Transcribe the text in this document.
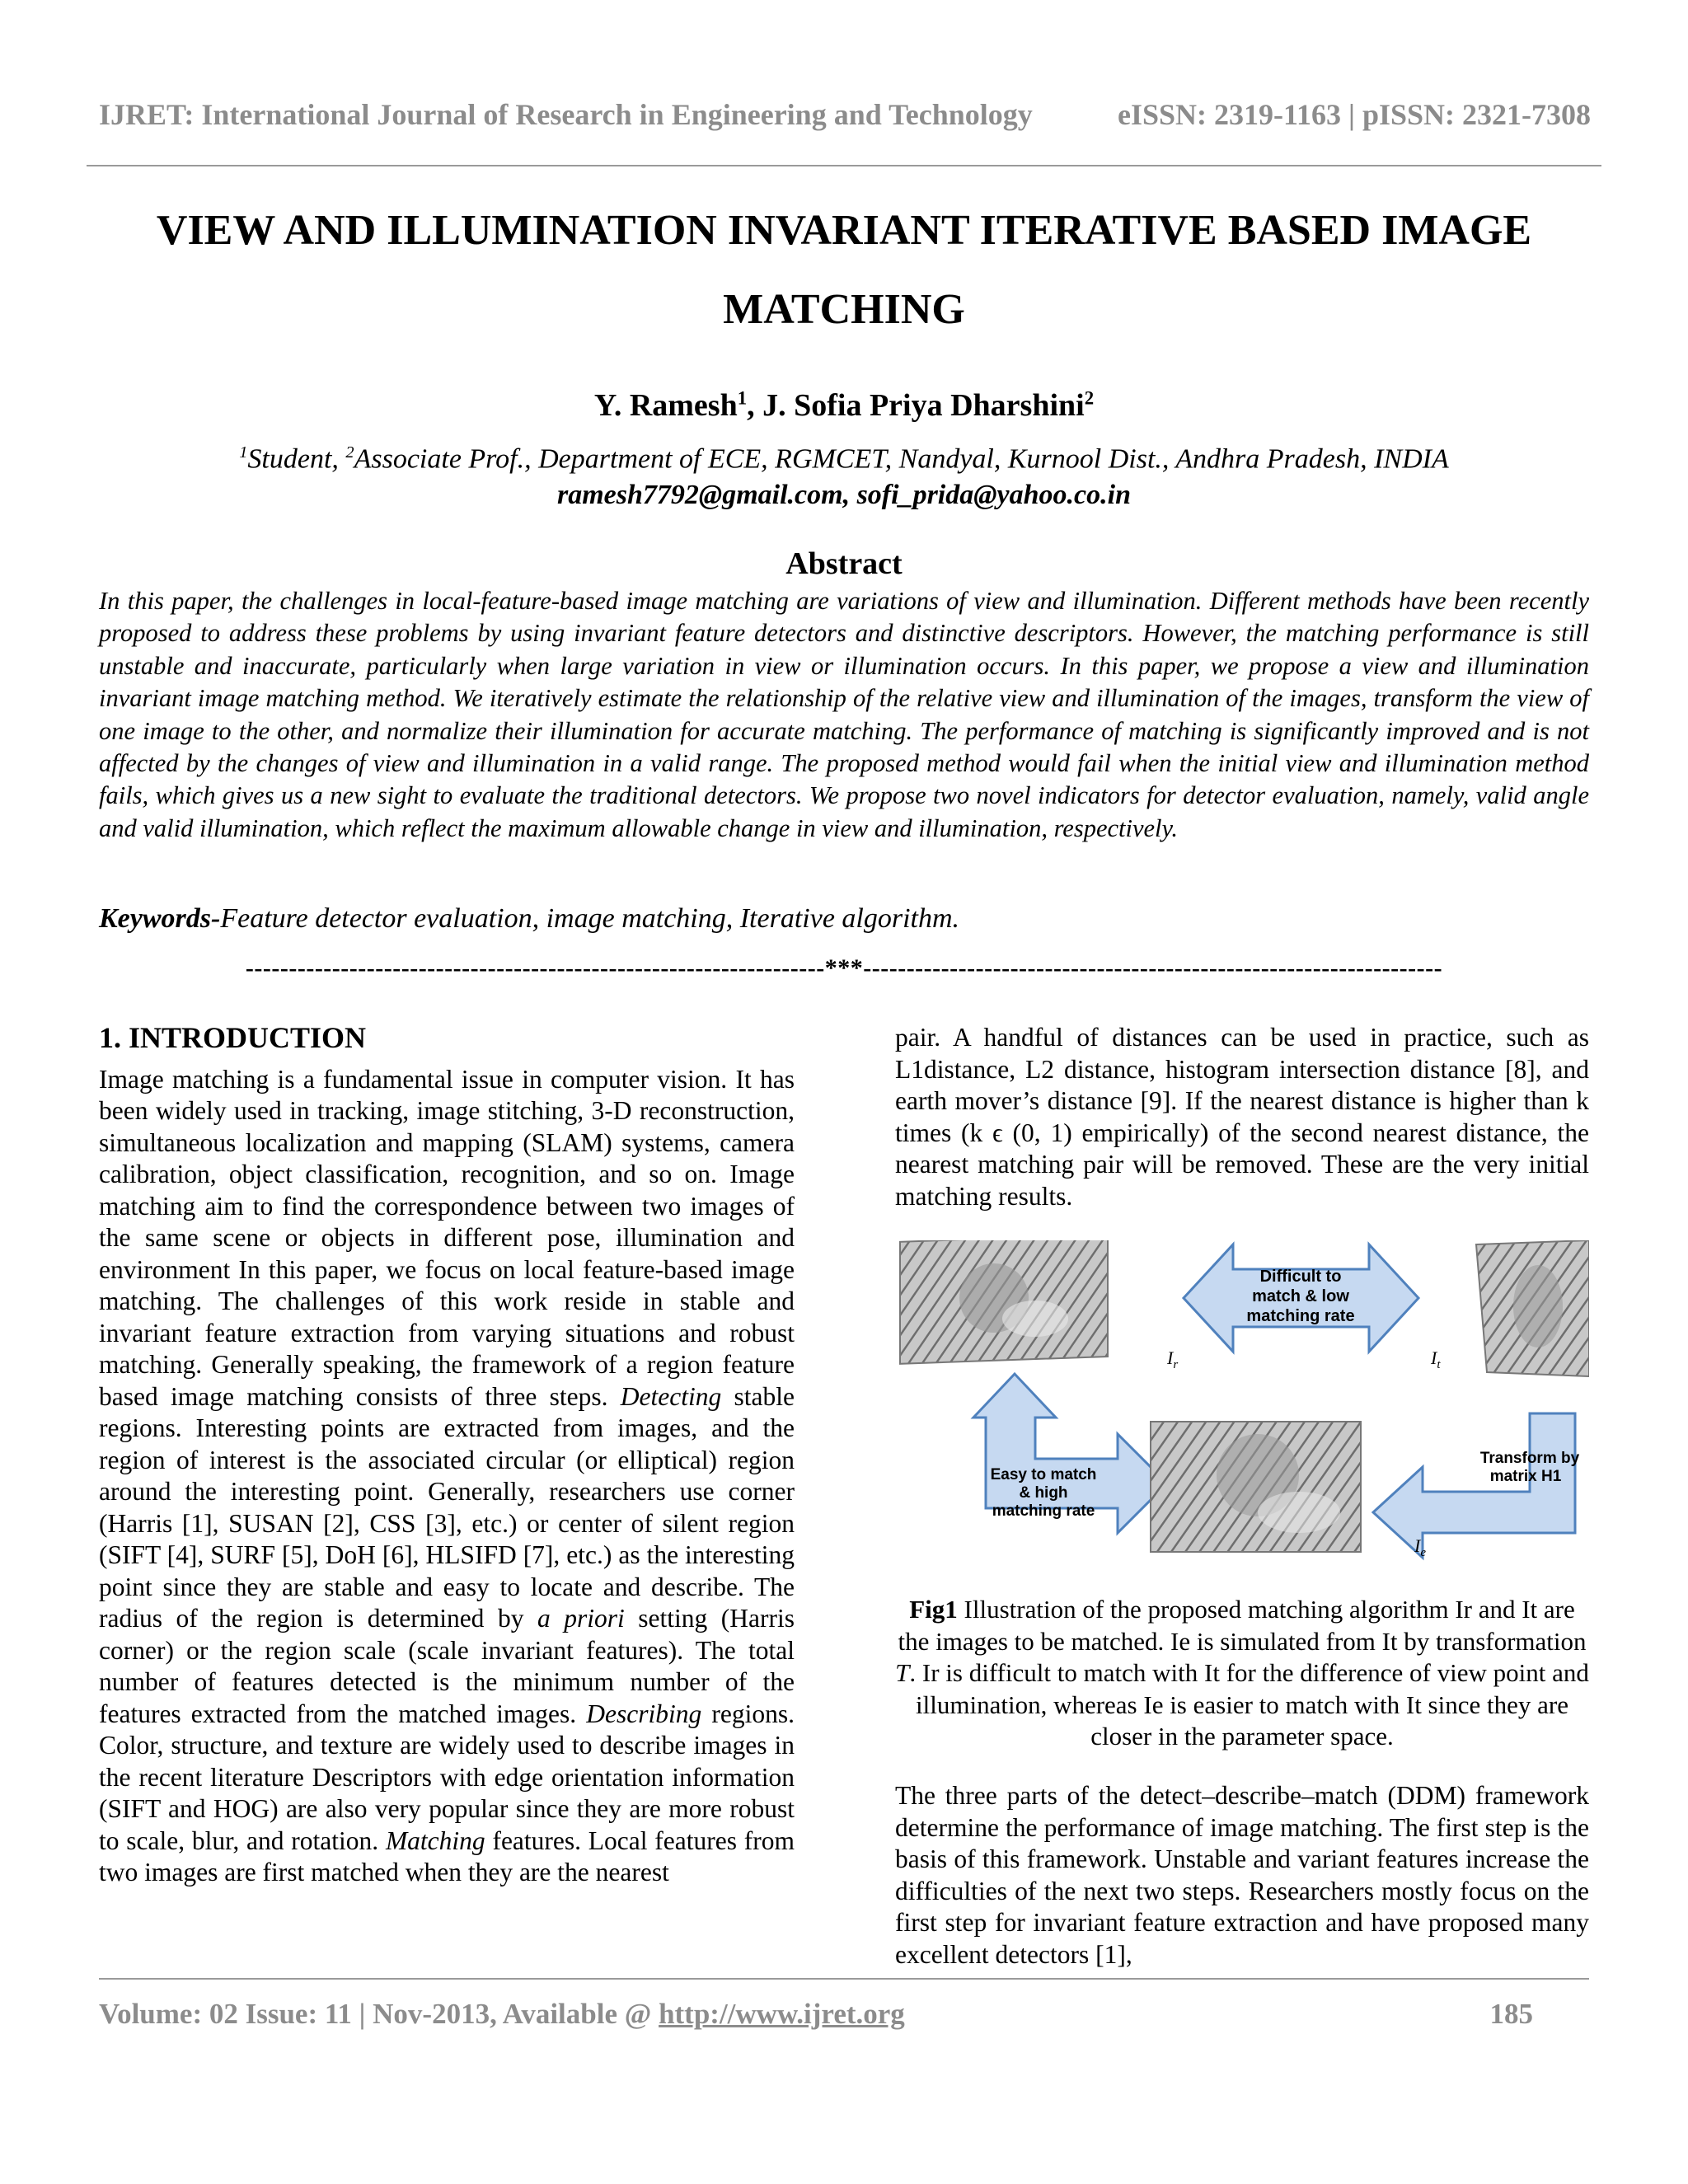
IJRET: International Journal of Research in Engineering and Technology	eISSN: 2319-1163 | pISSN: 2321-7308
VIEW AND ILLUMINATION INVARIANT ITERATIVE BASED IMAGE
MATCHING
Y. Ramesh$^1$, J. Sofia Priya Dharshini$^2$
$^1$Student, $^2$Associate Prof., Department of ECE, RGMCET, Nandyal, Kurnool Dist., Andhra Pradesh, INDIA
ramesh7792@gmail.com, sofi_prida@yahoo.co.in
Abstract
In this paper, the challenges in local-feature-based image matching are variations of view and illumination. Different methods have been recently proposed to address these problems by using invariant feature detectors and distinctive descriptors. However, the matching performance is still unstable and inaccurate, particularly when large variation in view or illumination occurs. In this paper, we propose a view and illumination invariant image matching method. We iteratively estimate the relationship of the relative view and illumination of the images, transform the view of one image to the other, and normalize their illumination for accurate matching. The performance of matching is significantly improved and is not affected by the changes of view and illumination in a valid range. The proposed method would fail when the initial view and illumination method fails, which gives us a new sight to evaluate the traditional detectors. We propose two novel indicators for detector evaluation, namely, valid angle and valid illumination, which reflect the maximum allowable change in view and illumination, respectively.
Keywords-Feature detector evaluation, image matching, Iterative algorithm.
-------------------------------------------------------------------***-------------------------------------------------------------------
1. INTRODUCTION

Image matching is a fundamental issue in computer vision. It has been widely used in tracking, image stitching, 3-D reconstruction, simultaneous localization and mapping (SLAM) systems, camera calibration, object classification, recognition, and so on. Image matching aim to find the correspondence between two images of the same scene or objects in different pose, illumination and environment In this paper, we focus on local feature-based image matching. The challenges of this work reside in stable and invariant feature extraction from varying situations and robust matching. Generally speaking, the framework of a region feature based image matching consists of three steps. Detecting stable regions. Interesting points are extracted from images, and the region of interest is the associated circular (or elliptical) region around the interesting point. Generally, researchers use corner (Harris [1], SUSAN [2], CSS [3], etc.) or center of silent region (SIFT [4], SURF [5], DoH [6], HLSIFD [7], etc.) as the interesting point since they are stable and easy to locate and describe. The radius of the region is determined by a priori setting (Harris corner) or the region scale (scale invariant features). The total number of features detected is the minimum number of the features extracted from the matched images. Describing regions. Color, structure, and texture are widely used to describe images in the recent literature Descriptors with edge orientation information (SIFT and HOG) are also very popular since they are more robust to scale, blur, and rotation. Matching features. Local features from two images are first matched when they are the nearest

pair. A handful of distances can be used in practice, such as L1distance, L2 distance, histogram intersection distance [8], and earth mover’s distance [9]. If the nearest distance is higher than k times (k ϵ (0, 1) empirically) of the second nearest distance, the nearest matching pair will be removed. These are the very initial matching results.
Difficult to
match & low
matching rate
$I_r$	$I_t$
Easy to match
& high
matching rate
Transform by
matrix H1
$I_e$
Fig1 Illustration of the proposed matching algorithm Ir and It are the images to be matched. Ie is simulated from It by transformation T. Ir is difficult to match with It for the difference of view point and illumination, whereas Ie is easier to match with It since they are closer in the parameter space.
The three parts of the detect–describe–match (DDM) framework determine the performance of image matching. The first step is the basis of this framework. Unstable and variant features increase the difficulties of the next two steps. Researchers mostly focus on the first step for invariant feature extraction and have proposed many excellent detectors [1],
Volume: 02 Issue: 11 | Nov-2013, Available @ http://www.ijret.org	185
